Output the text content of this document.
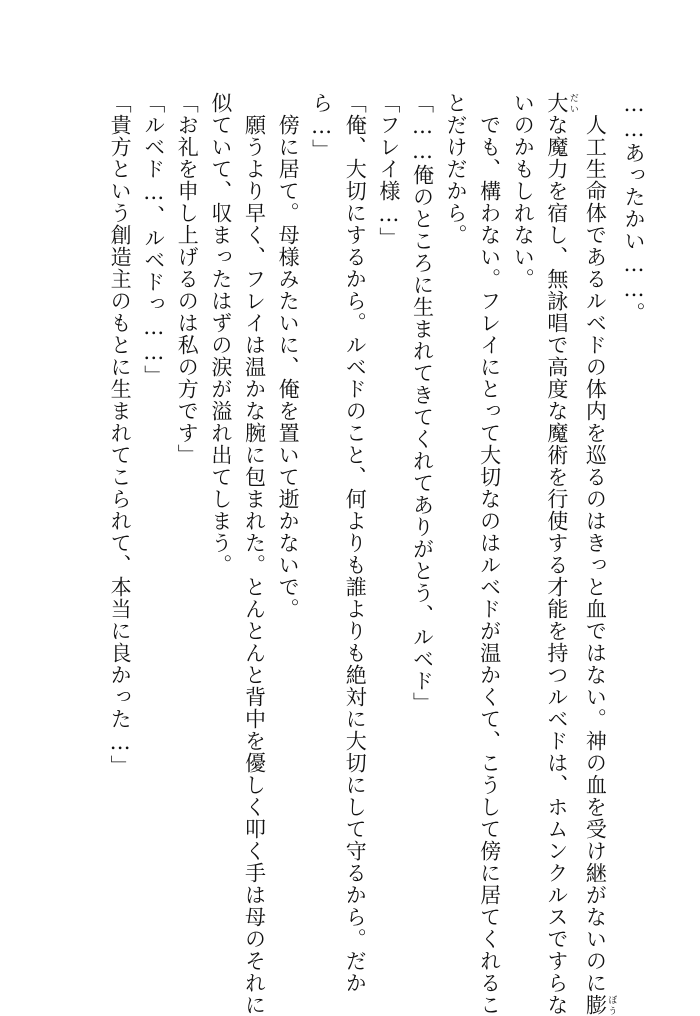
……あったかい……。
　人工生命体であるルベドの体内を巡るのはきっと血ではない。神の血を受け継がないのに膨 ぼう
大 だいな魔力を宿し、無詠唱で高度な魔術を行使する才能を持つルベドは、ホムンクルスですらな
いのかもしれない。
　でも、構わない。フレイにとって大切なのはルベドが温かくて、こうして傍に居てくれるこ
とだけだから。
「……俺のところに生まれてきてくれてありがとう、ルベド」
「フレイ様…」
「俺、大切にするから。ルベドのこと、何よりも誰よりも絶対に大切にして守るから。だか
ら…」
　傍に居て。母様みたいに、俺を置いて逝かないで。
　願うより早く、フレイは温かな腕に包まれた。とんとんと背中を優しく叩く手は母のそれに
似ていて、収まったはずの涙が溢れ出てしまう。
「お礼を申し上げるのは私の方です」
「ルベド…、ルベドっ……」
「貴方という創造主のもとに生まれてこられて、本当に良かった…」
